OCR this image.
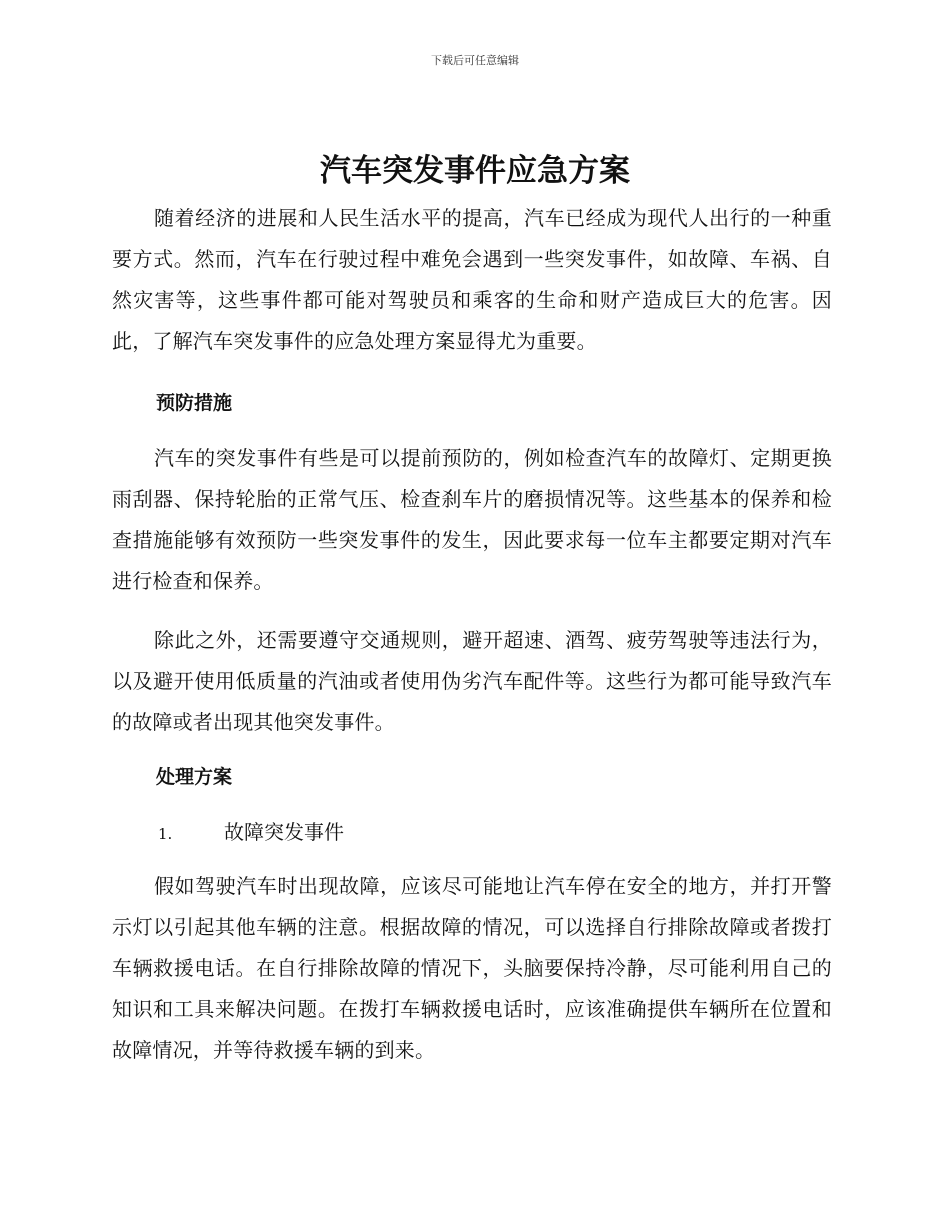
下载后可任意编辑
汽车突发事件应急方案

随着经济的进展和人民生活水平的提高，汽车已经成为现代人出行的一种重要方式。然而，汽车在行驶过程中难免会遇到一些突发事件，如故障、车祸、自然灾害等，这些事件都可能对驾驶员和乘客的生命和财产造成巨大的危害。因此，了解汽车突发事件的应急处理方案显得尤为重要。

预防措施

汽车的突发事件有些是可以提前预防的，例如检查汽车的故障灯、定期更换雨刮器、保持轮胎的正常气压、检查刹车片的磨损情况等。这些基本的保养和检查措施能够有效预防一些突发事件的发生，因此要求每一位车主都要定期对汽车进行检查和保养。

除此之外，还需要遵守交通规则，避开超速、酒驾、疲劳驾驶等违法行为，以及避开使用低质量的汽油或者使用伪劣汽车配件等。这些行为都可能导致汽车的故障或者出现其他突发事件。

处理方案
1.	故障突发事件

假如驾驶汽车时出现故障，应该尽可能地让汽车停在安全的地方，并打开警示灯以引起其他车辆的注意。根据故障的情况，可以选择自行排除故障或者拨打车辆救援电话。在自行排除故障的情况下，头脑要保持冷静，尽可能利用自己的知识和工具来解决问题。在拨打车辆救援电话时，应该准确提供车辆所在位置和故障情况，并等待救援车辆的到来。
